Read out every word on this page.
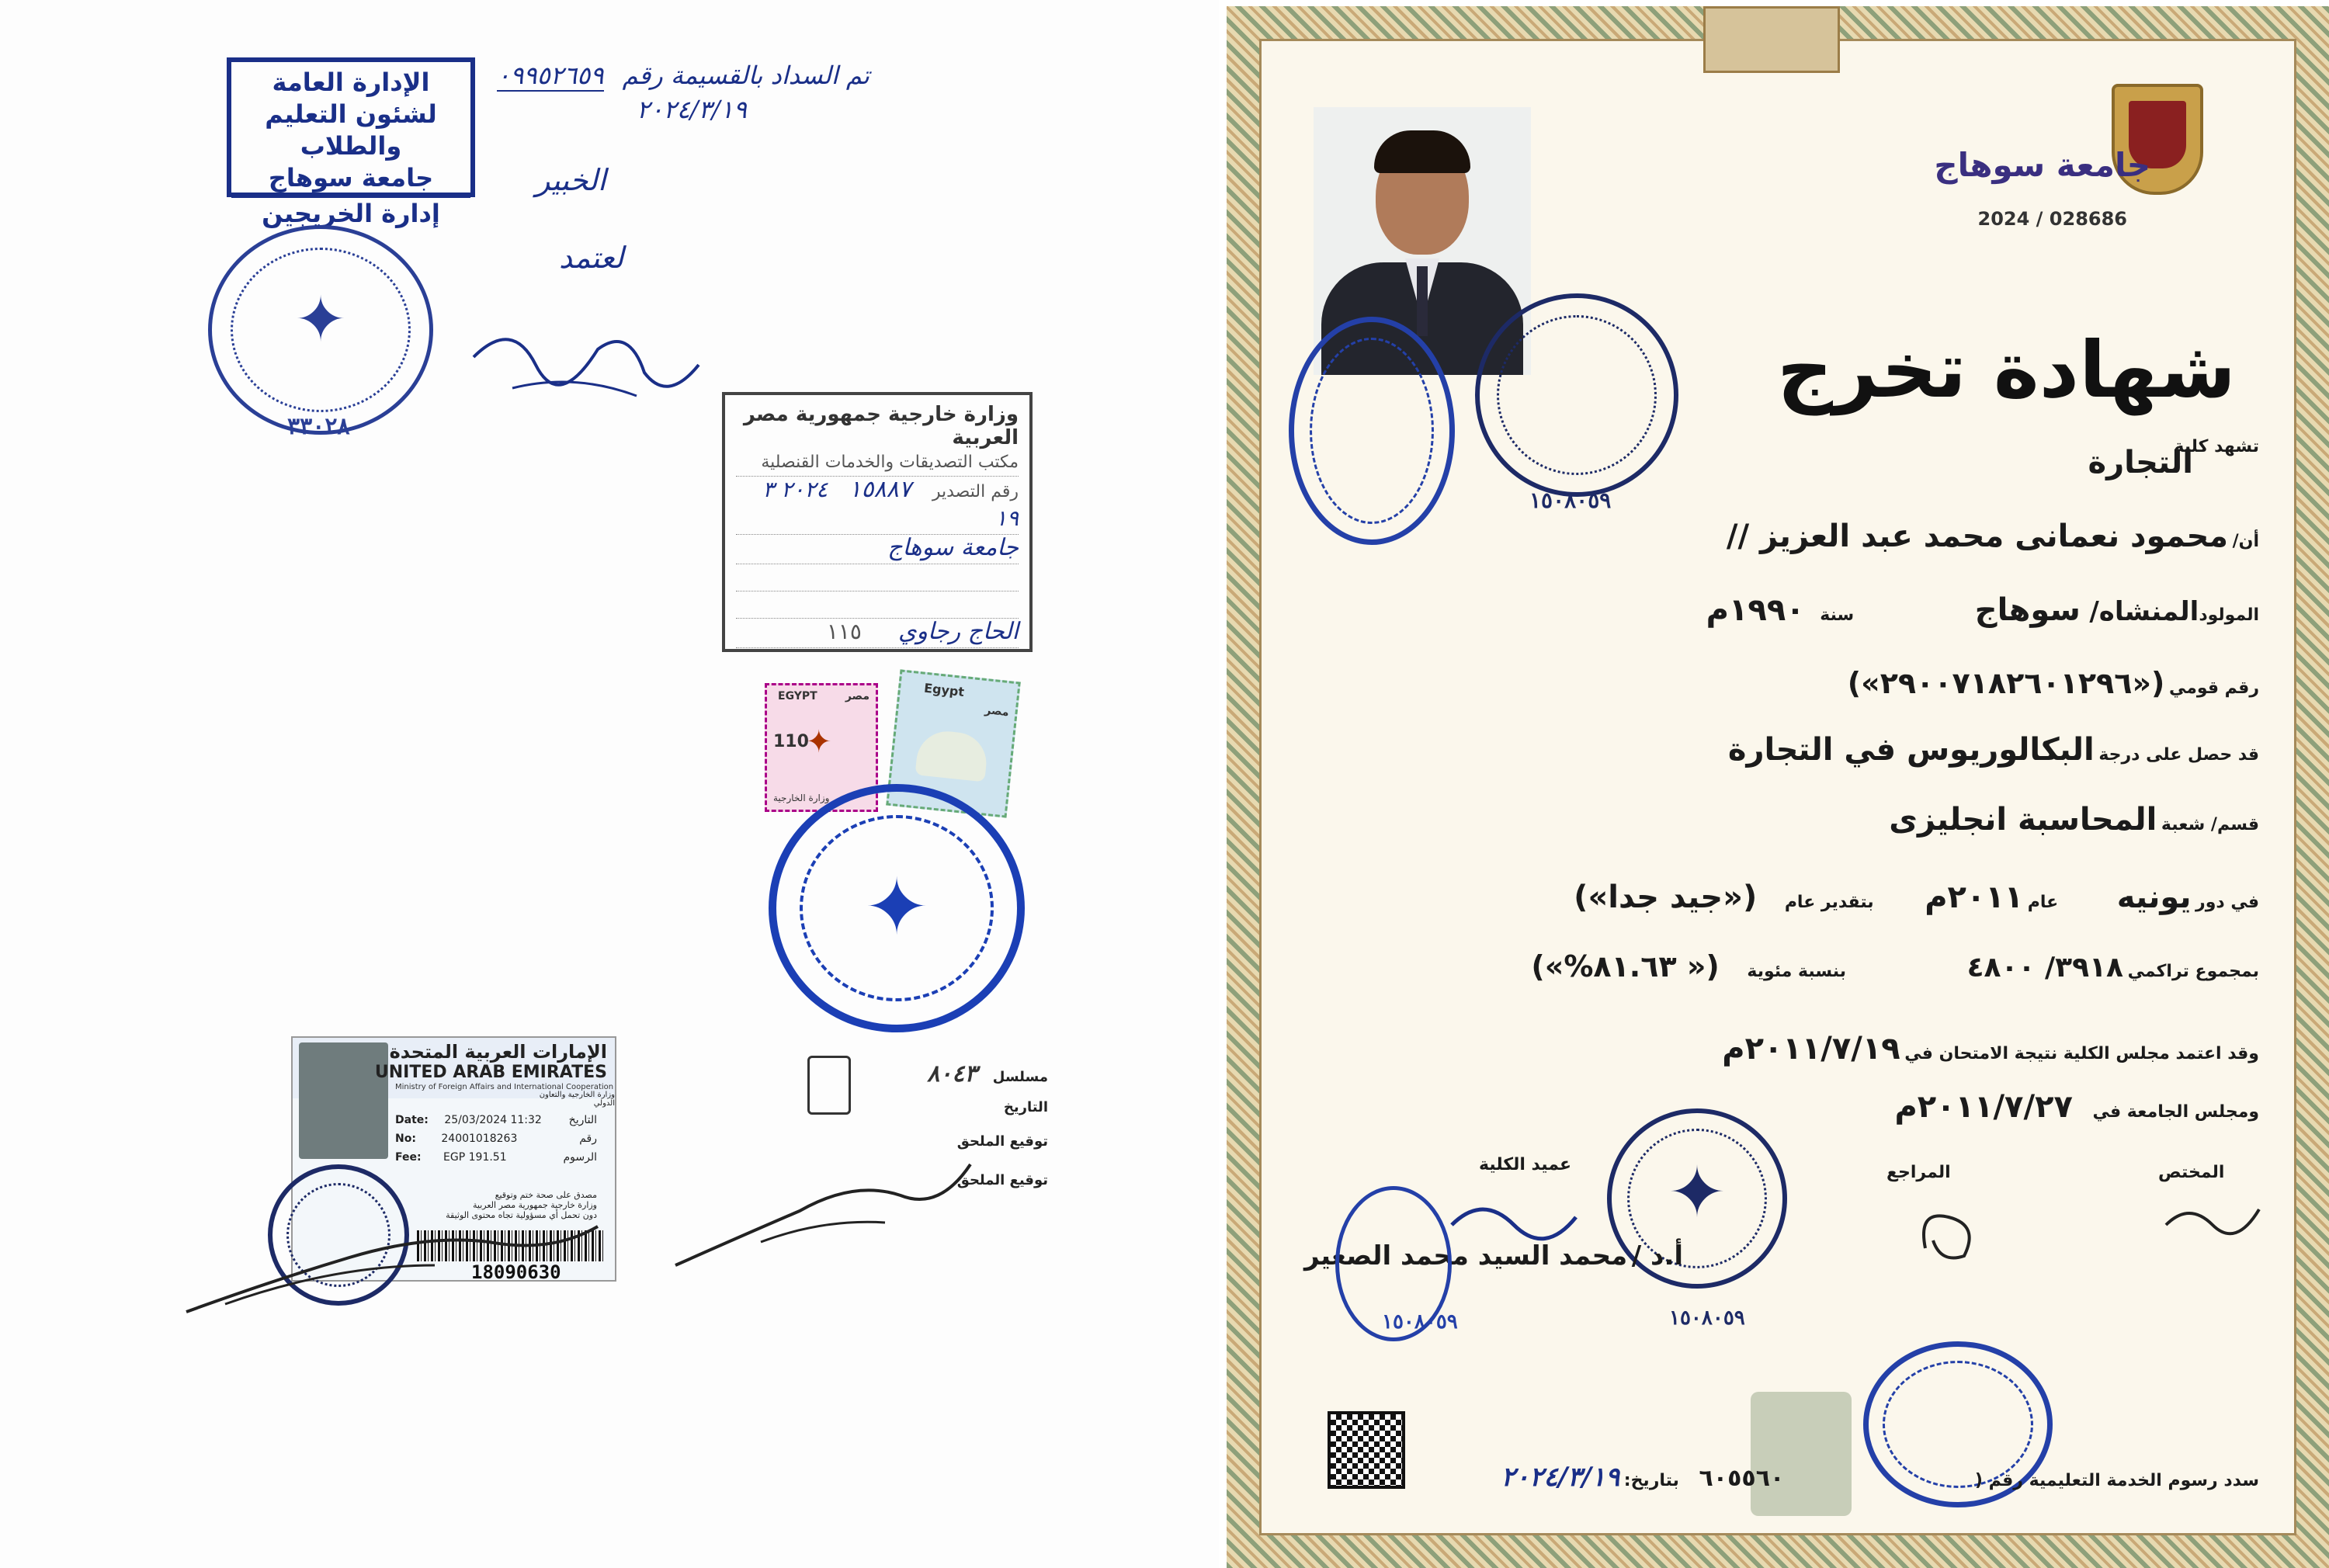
الإدارة العامة
لشئون التعليم والطلاب
جامعة سوهاج
إدارة الخريجين
تم السداد بالقسيمة رقم ٠٩٩٥٢٦٥٩
٢٠٢٤/٣/١٩
الخبير
لعتمد
✦
٣٣٠٢٨	وزارة خارجية جمهورية مصر العربية
مكتب التصديقات والخدمات القنصلية
رقم التصدير ١٥٨٨٧ ٢٠٢٤ ٣ ١٩
جامعة سوهاج
الحاج رجاوي ١١٥
EGYPT	مصر
110
✦
وزارة الخارجية
Egypt
مصر
✦
الإمارات العربية المتحدة
UNITED ARAB EMIRATES
Ministry of Foreign Affairs and International Cooperation
وزارة الخارجية والتعاون الدولي
Date: 25/03/2024 11:32 التاريخ
No: 24001018263	رقم
Fee: EGP 191.51	الرسوم
مصدق على صحة ختم وتوقيع
وزارة خارجية جمهورية مصر العربية
دون تحمل أي مسؤولية تجاه محتوى الوثيقة
18090630
مسلسل ٨٠٤٣
التاريخ
توقيع الملحق
توقيع الملحق
جامعة سوهاج
2024 / 028686
شهادة تخرج
١٥٠٨٠٥٩
تشهد كلية
التجارة
أن/ محمود نعمانى محمد عبد العزيز //
المولودالمنشاه/ سوهاج سنة ١٩٩٠م
رقم قومي («٢٩٠٠٧١٨٢٦٠١٢٩٦»)
قد حصل على درجة البكالوريوس في التجارة
قسم/ شعبة المحاسبة انجليزى
في دور يونيه عام ٢٠١١م بتقدير عام («جيد جدا»)
بمجموع تراكمي ٣٩١٨/ ٤٨٠٠ بنسبة مئوية (« ٨١.٦٣%»)
وقد اعتمد مجلس الكلية نتيجة الامتحان في ٢٠١١/٧/١٩م
ومجلس الجامعة في ٢٠١١/٧/٢٧م
✦
١٥٠٨٠٥٩
عميد الكلية	المراجع	المختص
أ.د / محمد السيد محمد الصغير
١٥٠٨٠٥٩
سدد رسوم الخدمة التعليمية رقم ( ٦٠٥٥٦٠ بتاريخ: ٢٠٢٤/٣/١٩
